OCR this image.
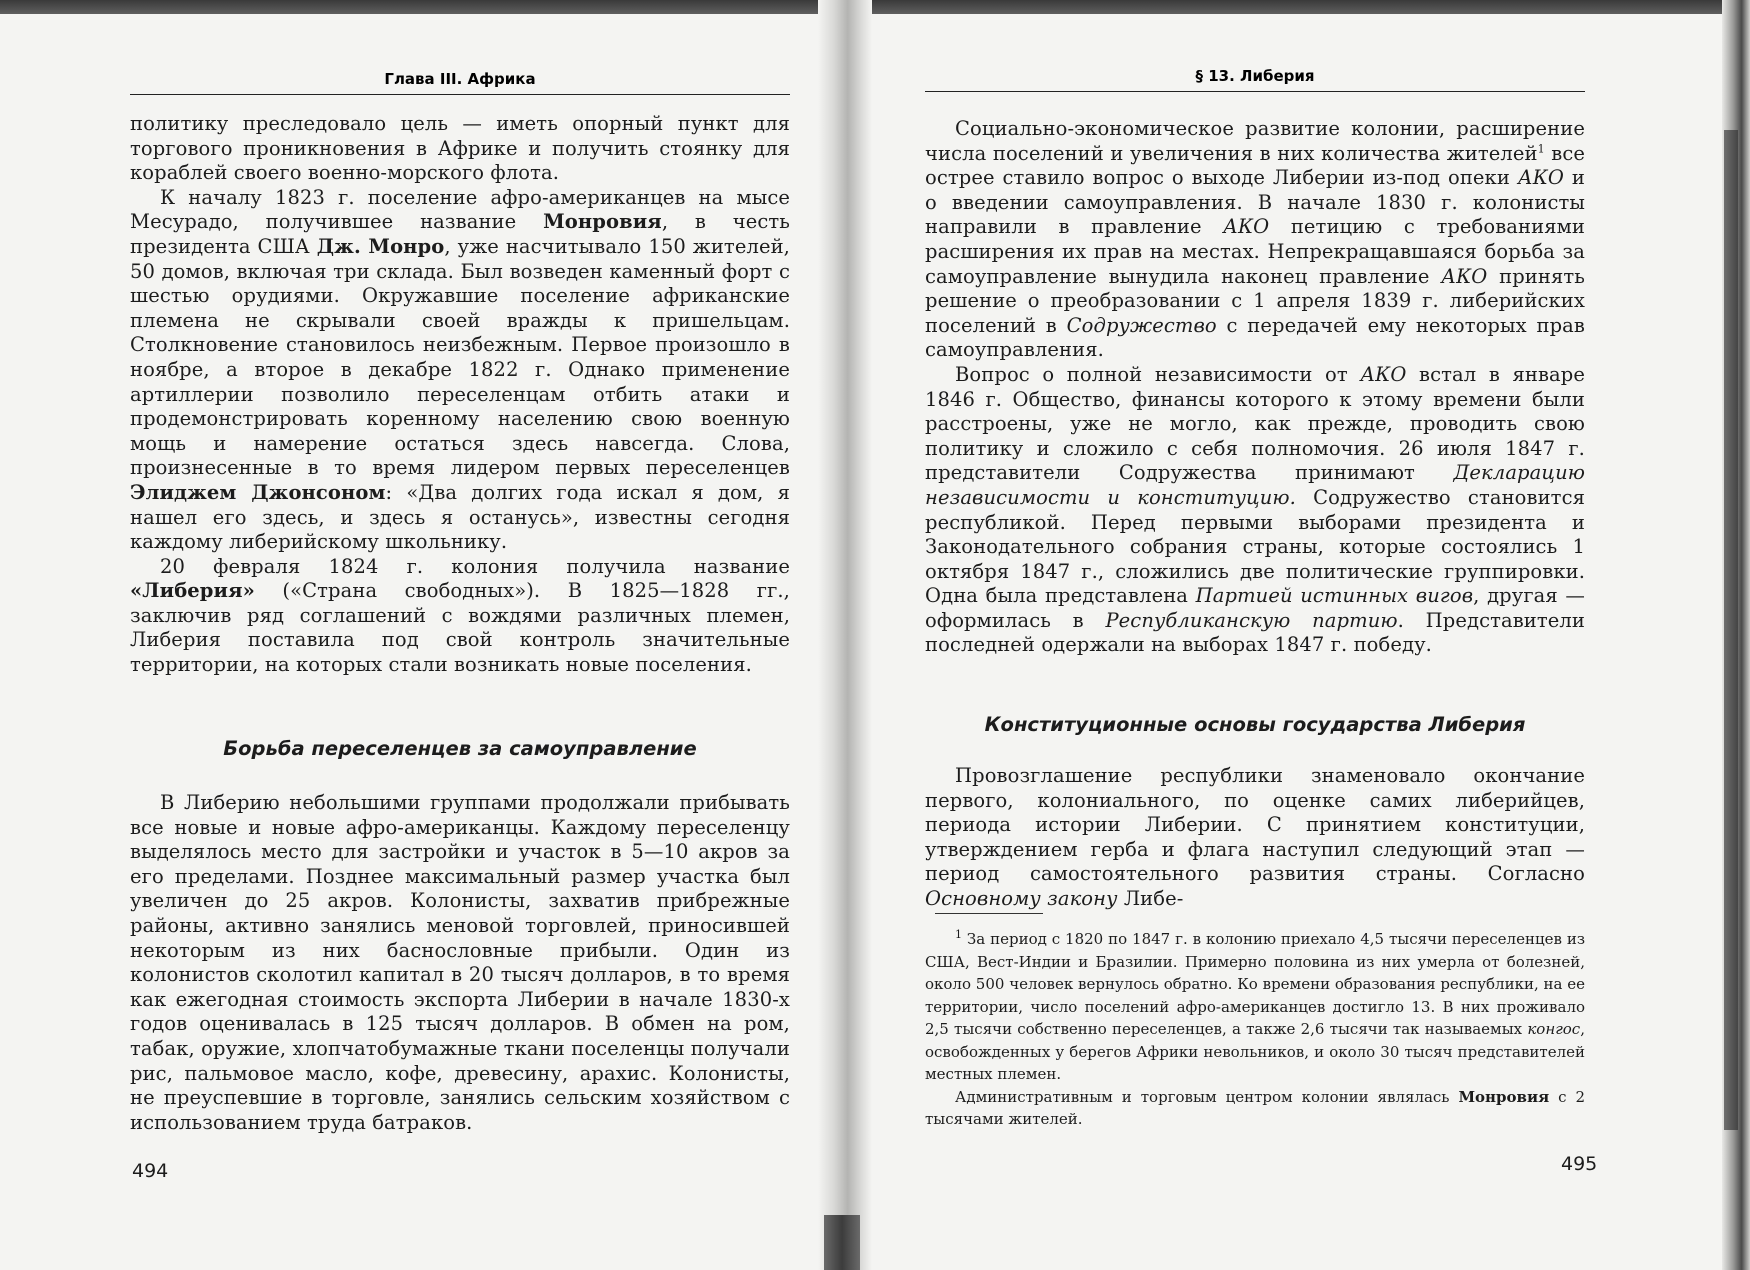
Глава III. Африка

политику преследовало цель — иметь опорный пункт для торгового проникновения в Африке и получить стоянку для кораблей своего военно-морского флота.

К началу 1823 г. поселение афро-американцев на мысе Месурадо, получившее название Монровия, в честь президента США Дж. Монро, уже насчитывало 150 жителей, 50 домов, включая три склада. Был возведен каменный форт с шестью орудиями. Окружавшие поселение африканские племена не скрывали своей вражды к пришельцам. Столкновение становилось неизбежным. Первое произошло в ноябре, а второе в декабре 1822 г. Однако применение артиллерии позволило переселенцам отбить атаки и продемонстрировать коренному населению свою военную мощь и намерение остаться здесь навсегда. Слова, произнесенные в то время лидером первых переселенцев Элиджем Джонсоном: «Два долгих года искал я дом, я нашел его здесь, и здесь я останусь», известны сегодня каждому либерийскому школьнику.

20 февраля 1824 г. колония получила название «Либерия» («Страна свободных»). В 1825—1828 гг., заключив ряд соглашений с вождями различных племен, Либерия поставила под свой контроль значительные территории, на которых стали возникать новые поселения.

Борьба переселенцев за самоуправление

В Либерию небольшими группами продолжали прибывать все новые и новые афро-американцы. Каждому переселенцу выделялось место для застройки и участок в 5—10 акров за его пределами. Позднее максимальный размер участка был увеличен до 25 акров. Колонисты, захватив прибрежные районы, активно занялись меновой торговлей, приносившей некоторым из них баснословные прибыли. Один из колонистов сколотил капитал в 20 тысяч долларов, в то время как ежегодная стоимость экспорта Либерии в начале 1830-х годов оценивалась в 125 тысяч долларов. В обмен на ром, табак, оружие, хлопчатобумажные ткани поселенцы получали рис, пальмовое масло, кофе, древесину, арахис. Колонисты, не преуспевшие в торговле, занялись сельским хозяйством с использованием труда батраков.

494
§ 13. Либерия

Социально-экономическое развитие колонии, расширение числа поселений и увеличения в них количества жителей$^1$ все острее ставило вопрос о выходе Либерии из-под опеки АКО и о введении самоуправления. В начале 1830 г. колонисты направили в правление АКО петицию с требованиями расширения их прав на местах. Непрекращавшаяся борьба за самоуправление вынудила наконец правление АКО принять решение о преобразовании с 1 апреля 1839 г. либерийских поселений в Содружество с передачей ему некоторых прав самоуправления.

Вопрос о полной независимости от АКО встал в январе 1846 г. Общество, финансы которого к этому времени были расстроены, уже не могло, как прежде, проводить свою политику и сложило с себя полномочия. 26 июля 1847 г. представители Содружества принимают Декларацию независимости и конституцию. Содружество становится республикой. Перед первыми выборами президента и Законодательного собрания страны, которые состоялись 1 октября 1847 г., сложились две политические группировки. Одна была представлена Партией истинных вигов, другая — оформилась в Республиканскую партию. Представители последней одержали на выборах 1847 г. победу.

Конституционные основы государства Либерия

Провозглашение республики знаменовало окончание первого, колониального, по оценке самих либерийцев, периода истории Либерии. С принятием конституции, утверждением герба и флага наступил следующий этап — период самостоятельного развития страны. Согласно Основному закону Либе-

$^1$ За период с 1820 по 1847 г. в колонию приехало 4,5 тысячи переселенцев из США, Вест-Индии и Бразилии. Примерно половина из них умерла от болезней, около 500 человек вернулось обратно. Ко времени образования республики, на ее территории, число поселений афро-американцев достигло 13. В них проживало 2,5 тысячи собственно переселенцев, а также 2,6 тысячи так называемых конгос, освобожденных у берегов Африки невольников, и около 30 тысяч представителей местных племен.

Административным и торговым центром колонии являлась Монровия с 2 тысячами жителей.

495
